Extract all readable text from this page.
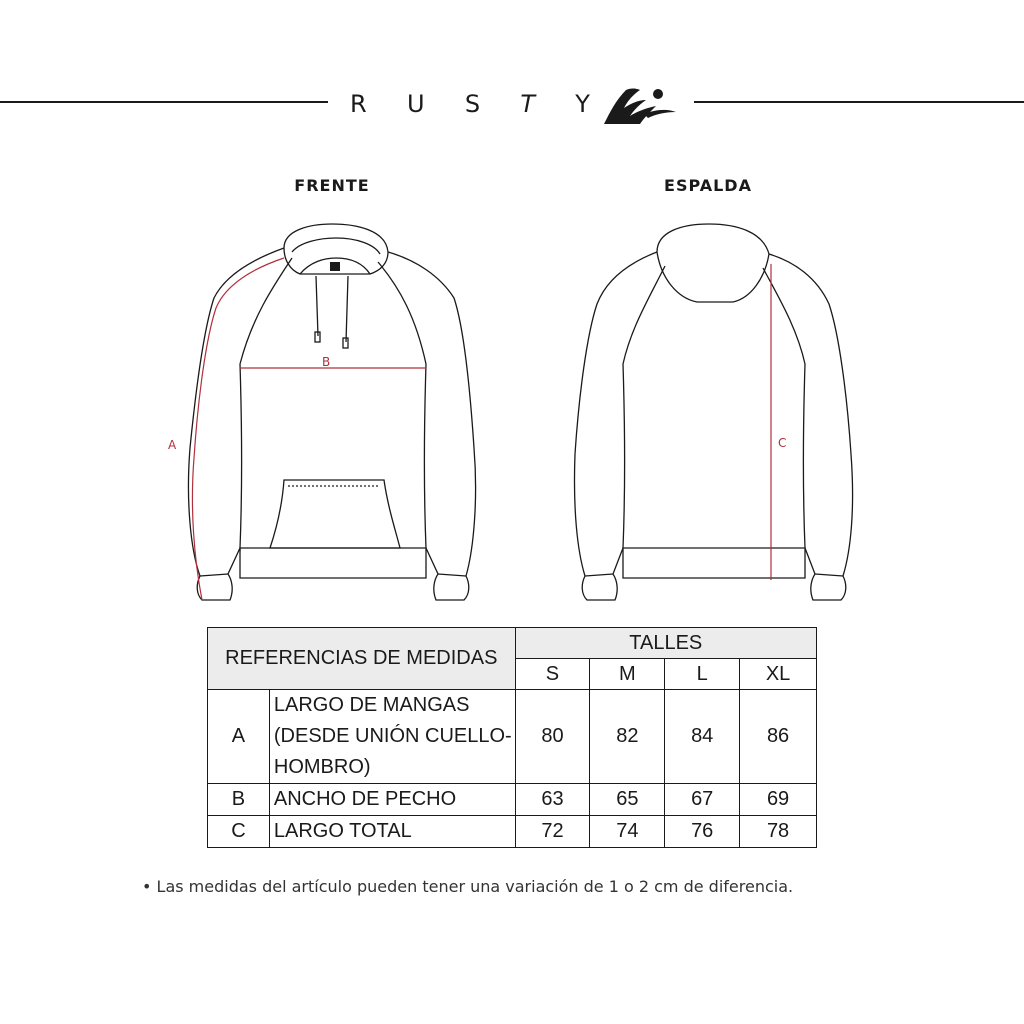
R U S T Y
FRENTE	ESPALDA
A
B
C
REFERENCIAS DE MEDIDAS		TALLES			
		S	M	L	XL
A	LARGO DE MANGAS
(DESDE UNIÓN CUELLO-
HOMBRO)	80	82	84	86
B	ANCHO DE PECHO	63	65	67	69
C	LARGO TOTAL	72	74	76	78
• Las medidas del artículo pueden tener una variación de 1 o 2 cm de diferencia.
